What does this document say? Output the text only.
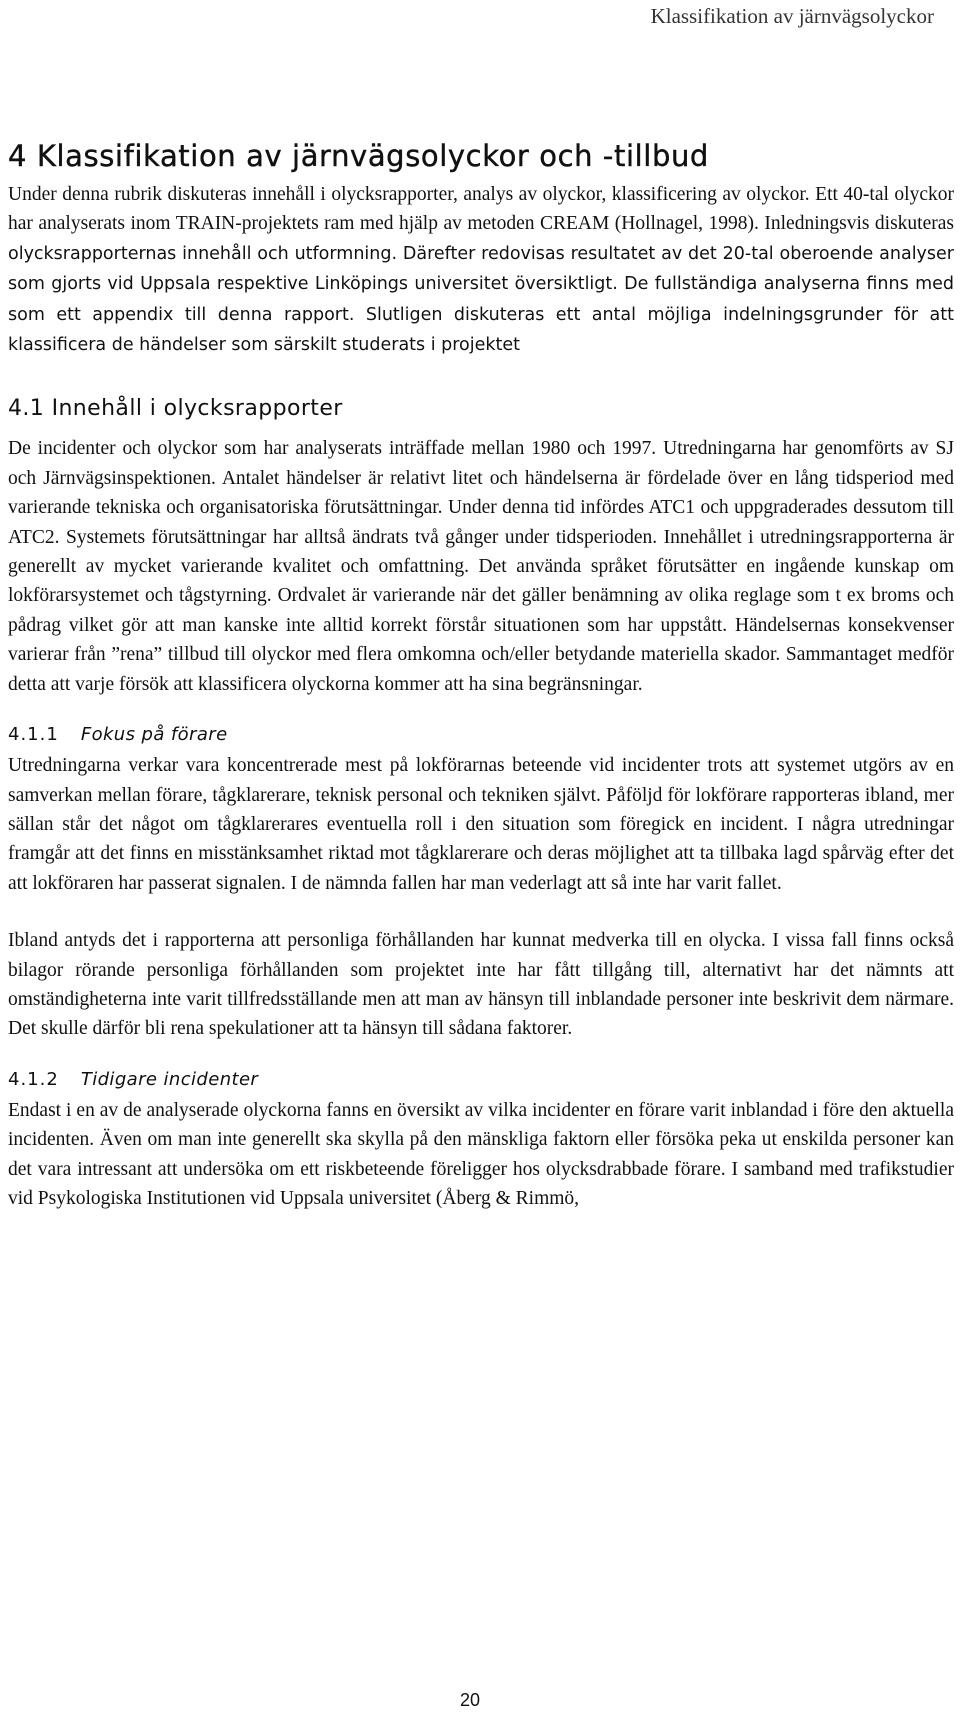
Klassifikation av järnvägsolyckor
4 Klassifikation av järnvägsolyckor och -tillbud

Under denna rubrik diskuteras innehåll i olycksrapporter, analys av olyckor, klassificering av olyckor. Ett 40-tal olyckor har analyserats inom TRAIN-projektets ram med hjälp av metoden CREAM (Hollnagel, 1998). Inledningsvis diskuteras olycksrapporternas innehåll och utformning. Därefter redovisas resultatet av det 20-tal oberoende analyser som gjorts vid Uppsala respektive Linköpings universitet översiktligt. De fullständiga analyserna finns med som ett appendix till denna rapport. Slutligen diskuteras ett antal möjliga indelningsgrunder för att klassificera de händelser som särskilt studerats i projektet

4.1 Innehåll i olycksrapporter

De incidenter och olyckor som har analyserats inträffade mellan 1980 och 1997. Utredningarna har genomförts av SJ och Järnvägsinspektionen. Antalet händelser är relativt litet och händelserna är fördelade över en lång tidsperiod med varierande tekniska och organisatoriska förutsättningar. Under denna tid infördes ATC1 och uppgraderades dessutom till ATC2. Systemets förutsättningar har alltså ändrats två gånger under tidsperioden. Innehållet i utredningsrapporterna är generellt av mycket varierande kvalitet och omfattning. Det använda språket förutsätter en ingående kunskap om lokförarsystemet och tågstyrning. Ordvalet är varierande när det gäller benämning av olika reglage som t ex broms och pådrag vilket gör att man kanske inte alltid korrekt förstår situationen som har uppstått. Händelsernas konsekvenser varierar från ”rena” tillbud till olyckor med flera omkomna och/eller betydande materiella skador. Sammantaget medför detta att varje försök att klassificera olyckorna kommer att ha sina begränsningar.

4.1.1 Fokus på förare

Utredningarna verkar vara koncentrerade mest på lokförarnas beteende vid incidenter trots att systemet utgörs av en samverkan mellan förare, tågklarerare, teknisk personal och tekniken självt. Påföljd för lokförare rapporteras ibland, mer sällan står det något om tågklarerares eventuella roll i den situation som föregick en incident. I några utredningar framgår att det finns en misstänksamhet riktad mot tågklarerare och deras möjlighet att ta tillbaka lagd spårväg efter det att lokföraren har passerat signalen. I de nämnda fallen har man vederlagt att så inte har varit fallet.

Ibland antyds det i rapporterna att personliga förhållanden har kunnat medverka till en olycka. I vissa fall finns också bilagor rörande personliga förhållanden som projektet inte har fått tillgång till, alternativt har det nämnts att omständigheterna inte varit tillfredsställande men att man av hänsyn till inblandade personer inte beskrivit dem närmare. Det skulle därför bli rena spekulationer att ta hänsyn till sådana faktorer.

4.1.2 Tidigare incidenter

Endast i en av de analyserade olyckorna fanns en översikt av vilka incidenter en förare varit inblandad i före den aktuella incidenten. Även om man inte generellt ska skylla på den mänskliga faktorn eller försöka peka ut enskilda personer kan det vara intressant att undersöka om ett riskbeteende föreligger hos olycksdrabbade förare. I samband med trafikstudier vid Psykologiska Institutionen vid Uppsala universitet (Åberg & Rimmö,

20
